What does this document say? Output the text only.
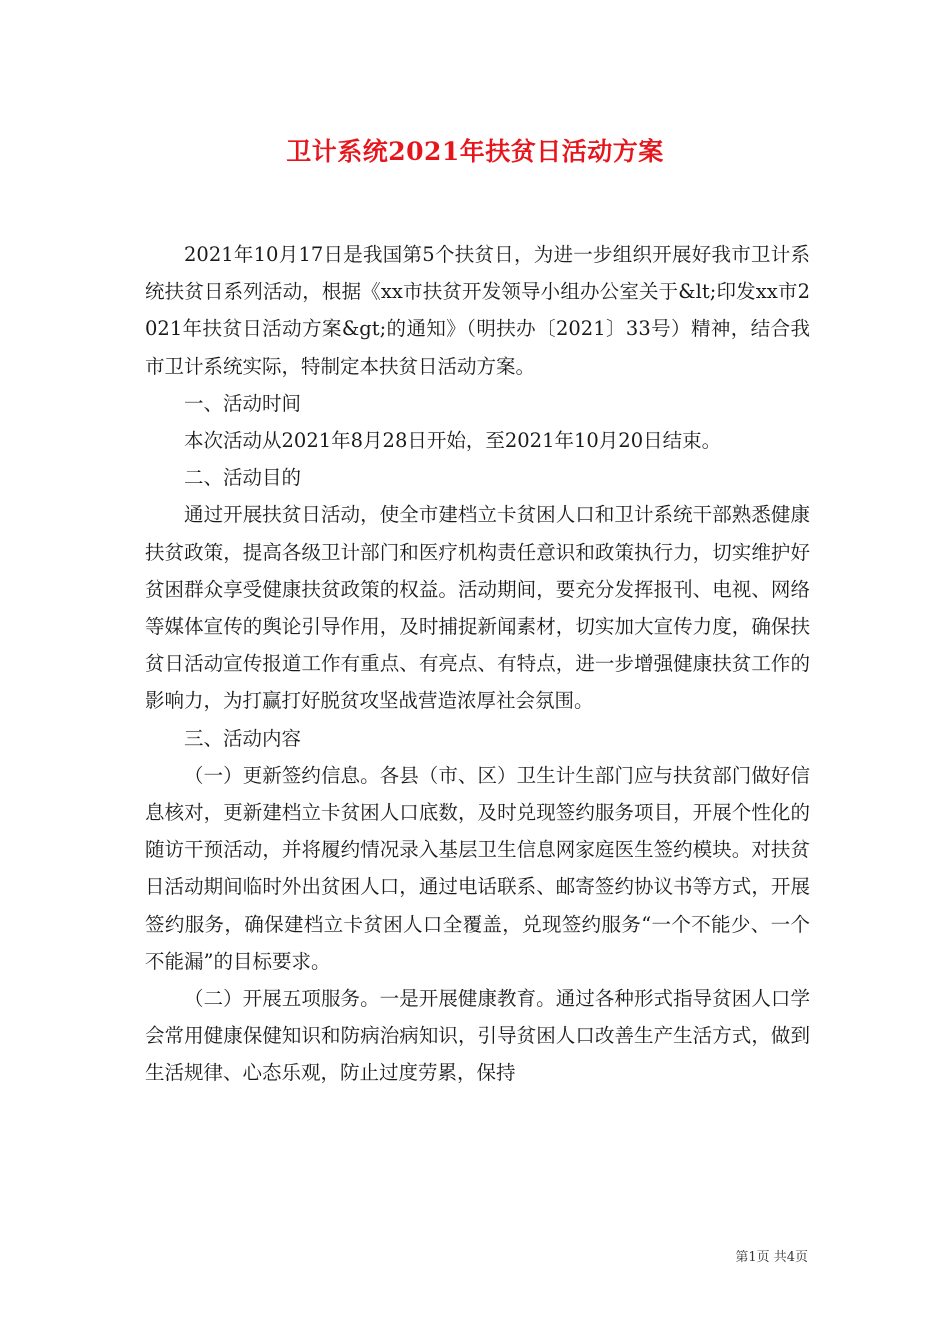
卫计系统2021年扶贫日活动方案

2021年10月17日是我国第5个扶贫日，为进一步组织开展好我市卫计系统扶贫日系列活动，根据《xx市扶贫开发领导小组办公室关于&lt;印发xx市2021年扶贫日活动方案&gt;的通知》（明扶办〔2021〕33号）精神，结合我市卫计系统实际，特制定本扶贫日活动方案。

一、活动时间

本次活动从2021年8月28日开始，至2021年10月20日结束。

二、活动目的

通过开展扶贫日活动，使全市建档立卡贫困人口和卫计系统干部熟悉健康扶贫政策，提高各级卫计部门和医疗机构责任意识和政策执行力，切实维护好贫困群众享受健康扶贫政策的权益。活动期间，要充分发挥报刊、电视、网络等媒体宣传的舆论引导作用，及时捕捉新闻素材，切实加大宣传力度，确保扶贫日活动宣传报道工作有重点、有亮点、有特点，进一步增强健康扶贫工作的影响力，为打赢打好脱贫攻坚战营造浓厚社会氛围。

三、活动内容

（一）更新签约信息。各县（市、区）卫生计生部门应与扶贫部门做好信息核对，更新建档立卡贫困人口底数，及时兑现签约服务项目，开展个性化的随访干预活动，并将履约情况录入基层卫生信息网家庭医生签约模块。对扶贫日活动期间临时外出贫困人口，通过电话联系、邮寄签约协议书等方式，开展签约服务，确保建档立卡贫困人口全覆盖，兑现签约服务“一个不能少、一个不能漏”的目标要求。

（二）开展五项服务。一是开展健康教育。通过各种形式指导贫困人口学会常用健康保健知识和防病治病知识，引导贫困人口改善生产生活方式，做到生活规律、心态乐观，防止过度劳累，保持

第1页 共4页
